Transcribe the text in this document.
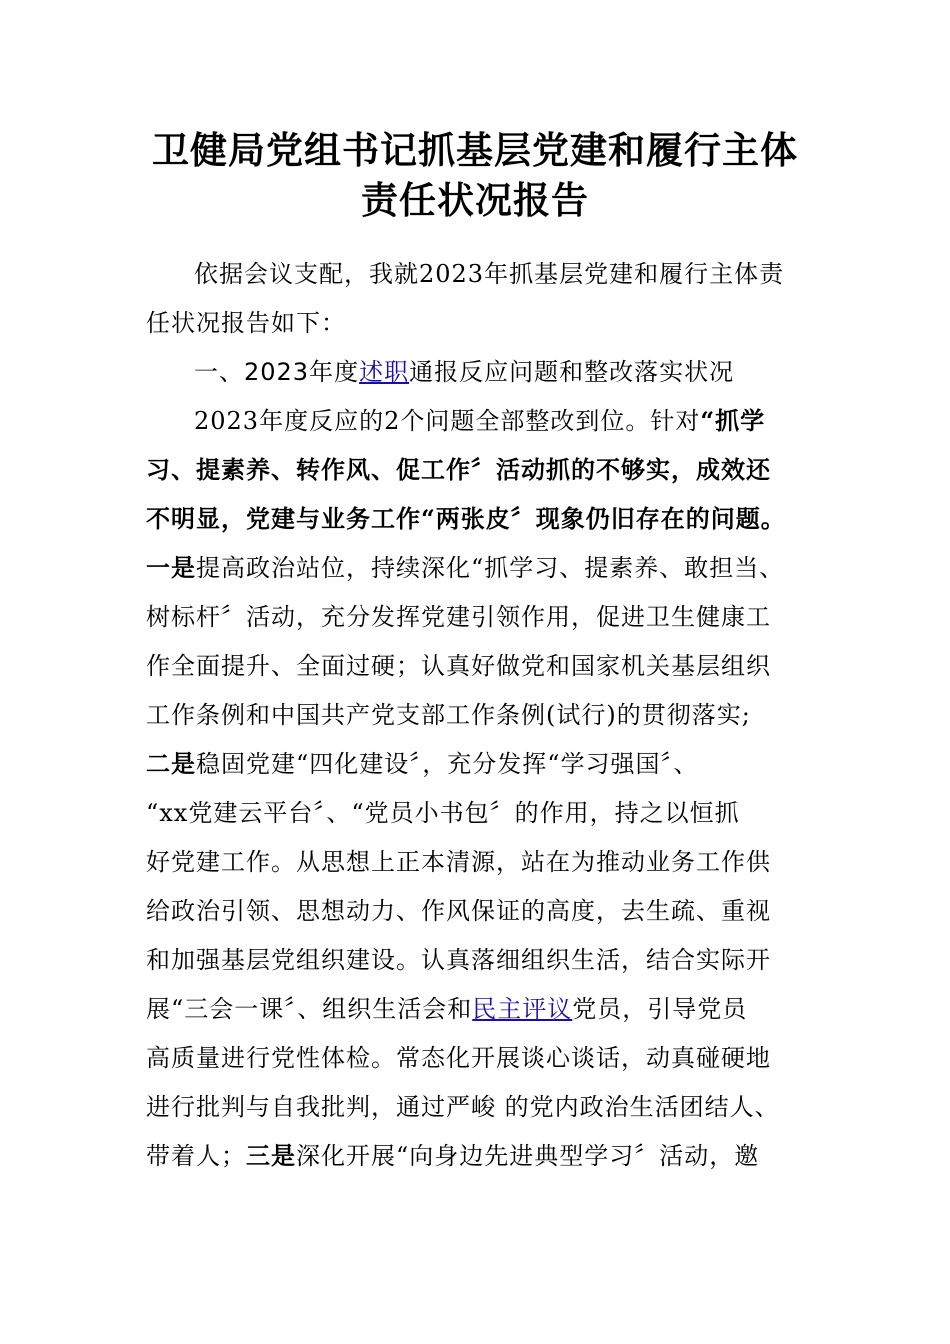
卫健局党组书记抓基层党建和履行主体
责任状况报告
依据会议支配，我就2023年抓基层党建和履行主体责
任状况报告如下：
一、2023年度述职通报反应问题和整改落实状况
2023年度反应的2个问题全部整改到位。针对“抓学
习、提素养、转作风、促工作〞活动抓的不够实，成效还
不明显，党建与业务工作“两张皮〞现象仍旧存在的问题。
一是提高政治站位，持续深化“抓学习、提素养、敢担当、
树标杆〞活动，充分发挥党建引领作用，促进卫生健康工
作全面提升、全面过硬；认真好做党和国家机关基层组织
工作条例和中国共产党支部工作条例(试行)的贯彻落实;
二是稳固党建“四化建设〞，充分发挥“学习强国〞、
“xx党建云平台〞、“党员小书包〞的作用，持之以恒抓
好党建工作。从思想上正本清源，站在为推动业务工作供
给政治引领、思想动力、作风保证的高度，去生疏、重视
和加强基层党组织建设。认真落细组织生活，结合实际开
展“三会一课〞、组织生活会和民主评议党员，引导党员
高质量进行党性体检。常态化开展谈心谈话，动真碰硬地
进行批判与自我批判，通过严峻 的党内政治生活团结人、
带着人；三是深化开展“向身边先进典型学习〞活动，邀
